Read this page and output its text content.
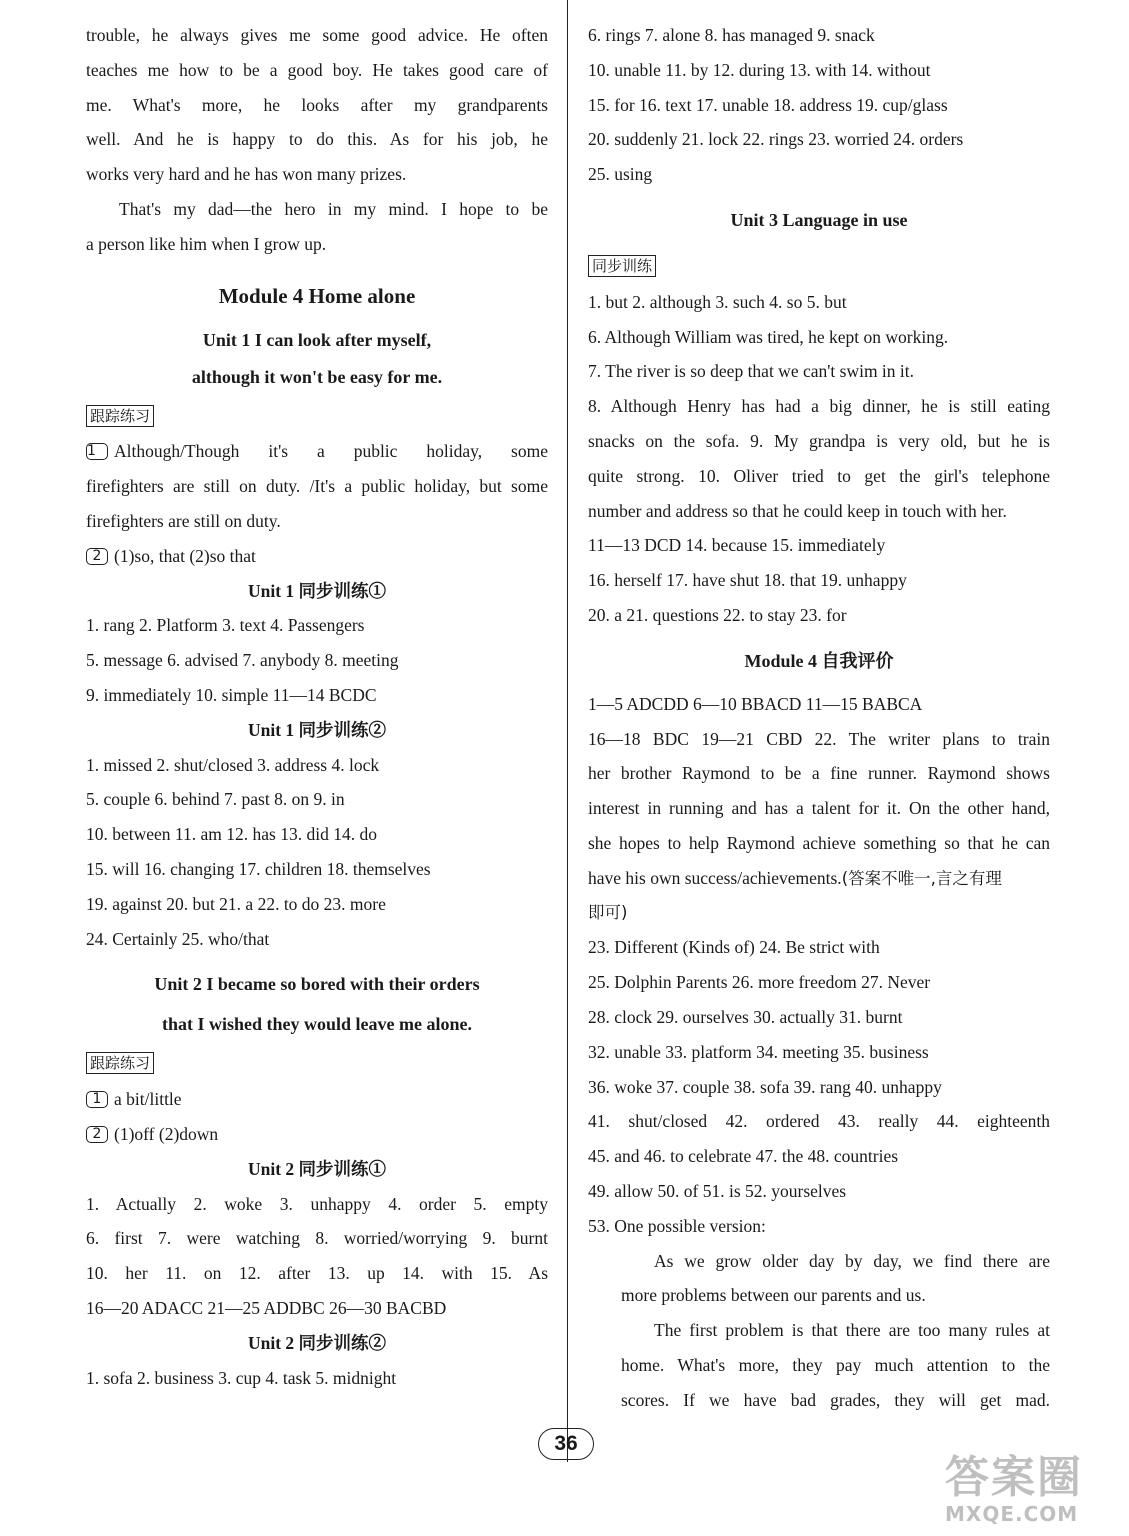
trouble, he always gives me some good advice. He often
teaches me how to be a good boy. He takes good care of
me. What's more, he looks after my grandparents
well. And he is happy to do this. As for his job, he
works very hard and he has won many prizes.
That's my dad—the hero in my mind. I hope to be
a person like him when I grow up.
Module 4 Home alone
Unit 1 I can look after myself,
although it won't be easy for me.
跟踪练习
1 Although/Though it's a public holiday, some
firefighters are still on duty. /It's a public holiday, but some
firefighters are still on duty.
2 (1)so, that (2)so that
Unit 1 同步训练①
1. rang 2. Platform 3. text 4. Passengers
5. message 6. advised 7. anybody 8. meeting
9. immediately 10. simple 11—14 BCDC
Unit 1 同步训练②
1. missed 2. shut/closed 3. address 4. lock
5. couple 6. behind 7. past 8. on 9. in
10. between 11. am 12. has 13. did 14. do
15. will 16. changing 17. children 18. themselves
19. against 20. but 21. a 22. to do 23. more
24. Certainly 25. who/that
Unit 2 I became so bored with their orders
that I wished they would leave me alone.
跟踪练习
1 a bit/little
2 (1)off (2)down
Unit 2 同步训练①
1. Actually 2. woke 3. unhappy 4. order 5. empty
6. first 7. were watching 8. worried/worrying 9. burnt
10. her 11. on 12. after 13. up 14. with 15. As
16—20 ADACC 21—25 ADDBC 26—30 BACBD
Unit 2 同步训练②
1. sofa 2. business 3. cup 4. task 5. midnight
6. rings 7. alone 8. has managed 9. snack
10. unable 11. by 12. during 13. with 14. without
15. for 16. text 17. unable 18. address 19. cup/glass
20. suddenly 21. lock 22. rings 23. worried 24. orders
25. using
Unit 3 Language in use
同步训练
1. but 2. although 3. such 4. so 5. but
6. Although William was tired, he kept on working.
7. The river is so deep that we can't swim in it.
8. Although Henry has had a big dinner, he is still eating
snacks on the sofa. 9. My grandpa is very old, but he is
quite strong. 10. Oliver tried to get the girl's telephone
number and address so that he could keep in touch with her.
11—13 DCD 14. because 15. immediately
16. herself 17. have shut 18. that 19. unhappy
20. a 21. questions 22. to stay 23. for
Module 4 自我评价
1—5 ADCDD 6—10 BBACD 11—15 BABCA
16—18 BDC 19—21 CBD 22. The writer plans to train
her brother Raymond to be a fine runner. Raymond shows
interest in running and has a talent for it. On the other hand,
she hopes to help Raymond achieve something so that he can
have his own success/achievements.(答案不唯一,言之有理
即可)
23. Different (Kinds of) 24. Be strict with
25. Dolphin Parents 26. more freedom 27. Never
28. clock 29. ourselves 30. actually 31. burnt
32. unable 33. platform 34. meeting 35. business
36. woke 37. couple 38. sofa 39. rang 40. unhappy
41. shut/closed 42. ordered 43. really 44. eighteenth
45. and 46. to celebrate 47. the 48. countries
49. allow 50. of 51. is 52. yourselves
53. One possible version:
As we grow older day by day, we find there are
more problems between our parents and us.
The first problem is that there are too many rules at
home. What's more, they pay much attention to the
scores. If we have bad grades, they will get mad.
36
答案圈
MXQE.COM
